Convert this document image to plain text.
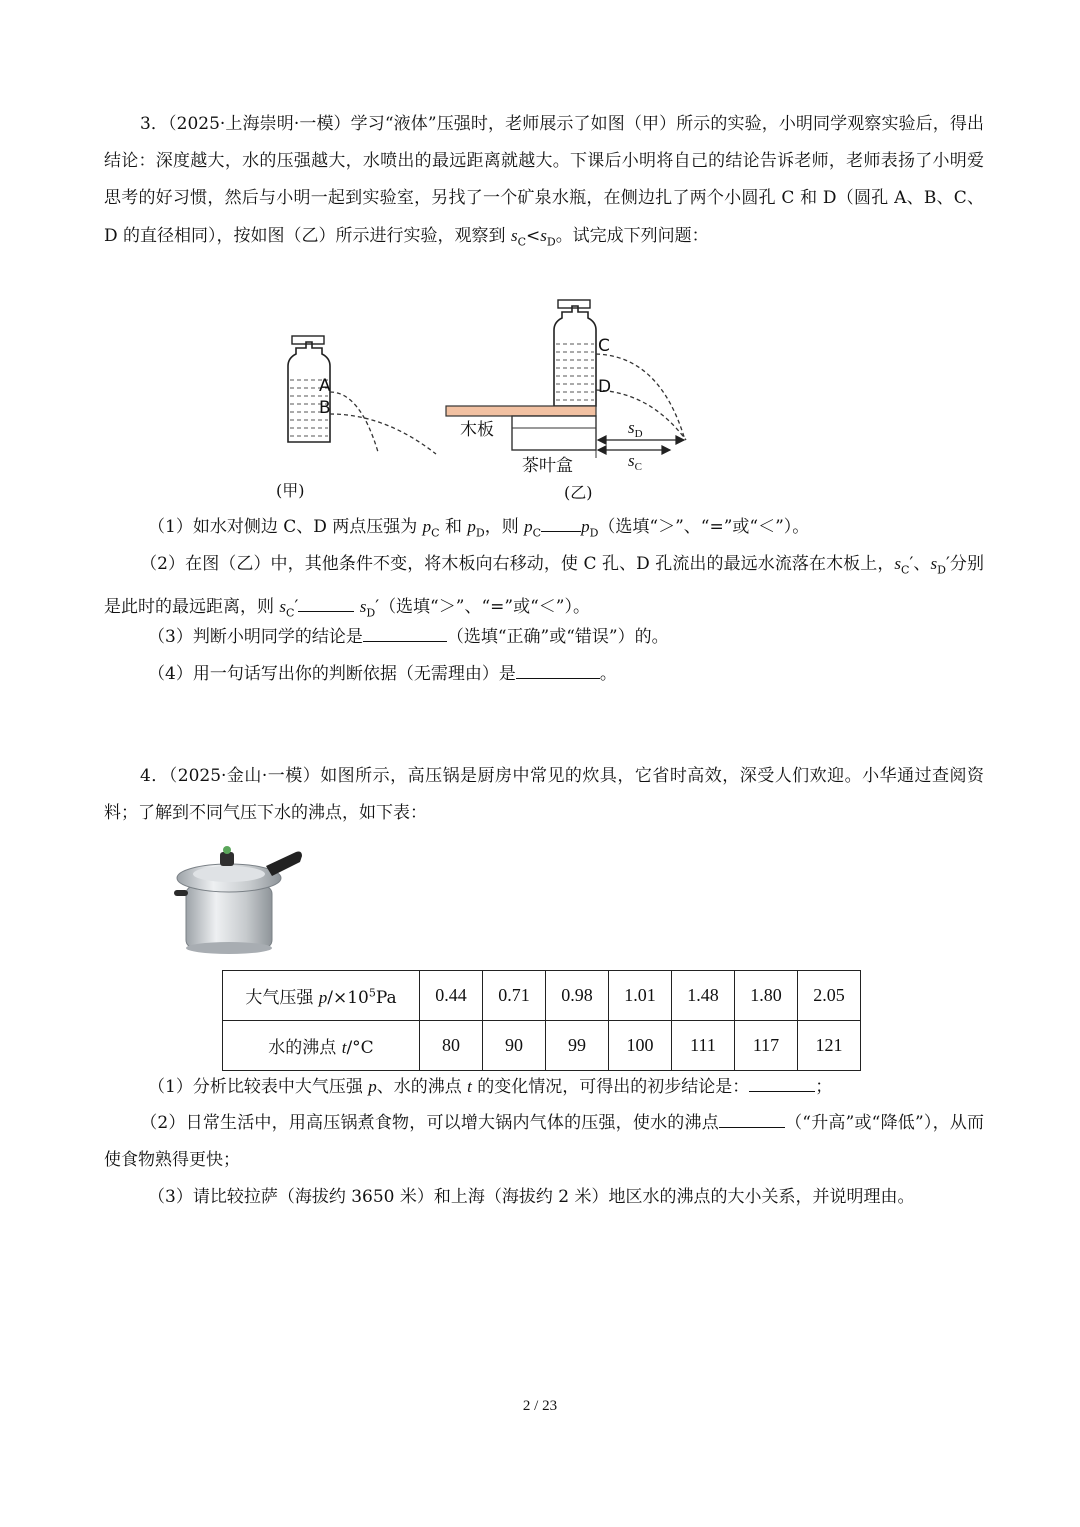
3．（2025·上海崇明·一模）学习“液体”压强时，老师展示了如图（甲）所示的实验，小明同学观察实验后，得出结论：深度越大，水的压强越大，水喷出的最远距离就越大。下课后小明将自己的结论告诉老师，老师表扬了小明爱思考的好习惯，然后与小明一起到实验室，另找了一个矿泉水瓶，在侧边扎了两个小圆孔 C 和 D（圆孔 A、B、C、D 的直径相同），按如图（乙）所示进行实验，观察到 $s_C<s_D$。试完成下列问题：
A
B
(甲)
C
D
木板
茶叶盒
$s_D$
$s_C$
(乙)
（1）如水对侧边 C、D 两点压强为 $p_C$ 和 $p_D$，则 $p_C$ $p_D$（选填“＞”、“=”或“＜”）。
（2）在图（乙）中，其他条件不变，将木板向右移动，使 C 孔、D 孔流出的最远水流落在木板上，$s_C'$、$s_D'$分别是此时的最远距离，则 $s_C'$	$s_D'$（选填“＞”、“=”或“＜”）。
（3）判断小明同学的结论是	（选填“正确”或“错误”）的。
（4）用一句话写出你的判断依据（无需理由）是	。
4．（2025·金山·一模）如图所示，高压锅是厨房中常见的炊具，它省时高效，深受人们欢迎。小华通过查阅资料；了解到不同气压下水的沸点，如下表：
大气压强 $p/\times 10^5Pa$	0.44	0.71	0.98	1.01	1.48	1.80	2.05
水的沸点 t/°C	80	90	99	100	111	117	121
（1）分析比较表中大气压强 p、水的沸点 t 的变化情况，可得出的初步结论是：	；
（2）日常生活中，用高压锅煮食物，可以增大锅内气体的压强，使水的沸点	（“升高”或“降低”），从而使食物熟得更快；
（3）请比较拉萨（海拔约 3650 米）和上海（海拔约 2 米）地区水的沸点的大小关系，并说明理由。
2 / 23
